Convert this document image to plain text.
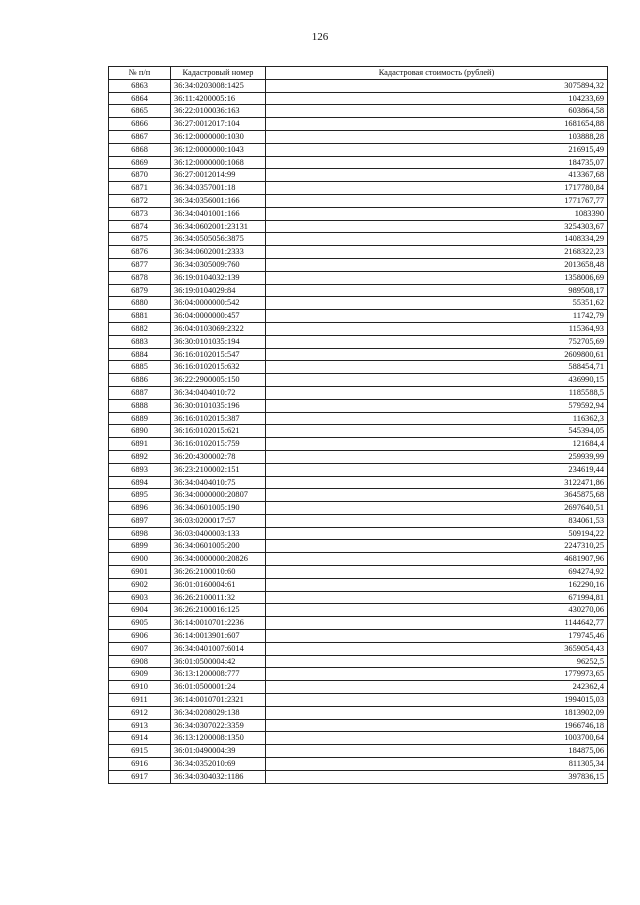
126
№ п/п	Кадастровый номер	Кадастровая стоимость (рублей)
6863	36:34:0203008:1425	3075894,32
6864	36:11:4200005:16	104233,69
6865	36:22:0100036:163	603864,58
6866	36:27:0012017:104	1681654,88
6867	36:12:0000000:1030	103888,28
6868	36:12:0000000:1043	216915,49
6869	36:12:0000000:1068	184735,07
6870	36:27:0012014:99	413367,68
6871	36:34:0357001:18	1717780,84
6872	36:34:0356001:166	1771767,77
6873	36:34:0401001:166	1083390
6874	36:34:0602001:23131	3254303,67
6875	36:34:0505056:3875	1408334,29
6876	36:34:0602001:2333	2168322,23
6877	36:34:0305009:760	2013658,48
6878	36:19:0104032:139	1358006,69
6879	36:19:0104029:84	989508,17
6880	36:04:0000000:542	55351,62
6881	36:04:0000000:457	11742,79
6882	36:04:0103069:2322	115364,93
6883	36:30:0101035:194	752705,69
6884	36:16:0102015:547	2609800,61
6885	36:16:0102015:632	588454,71
6886	36:22:2900005:150	436990,15
6887	36:34:0404010:72	1185588,5
6888	36:30:0101035:196	579592,94
6889	36:16:0102015:387	116362,3
6890	36:16:0102015:621	545394,05
6891	36:16:0102015:759	121684,4
6892	36:20:4300002:78	259939,99
6893	36:23:2100002:151	234619,44
6894	36:34:0404010:75	3122471,86
6895	36:34:0000000:20807	3645875,68
6896	36:34:0601005:190	2697640,51
6897	36:03:0200017:57	834061,53
6898	36:03:0400003:133	509194,22
6899	36:34:0601005:200	2247310,25
6900	36:34:0000000:20826	4681907,96
6901	36:26:2100010:60	694274,92
6902	36:01:0160004:61	162290,16
6903	36:26:2100011:32	671994,81
6904	36:26:2100016:125	430270,06
6905	36:14:0010701:2236	1144642,77
6906	36:14:0013901:607	179745,46
6907	36:34:0401007:6014	3659054,43
6908	36:01:0500004:42	96252,5
6909	36:13:1200008:777	1779973,65
6910	36:01:0500001:24	242362,4
6911	36:14:0010701:2321	1994015,03
6912	36:34:0208029:138	1813902,09
6913	36:34:0307022:3359	1966746,18
6914	36:13:1200008:1350	1003700,64
6915	36:01:0490004:39	184875,06
6916	36:34:0352010:69	811305,34
6917	36:34:0304032:1186	397836,15
